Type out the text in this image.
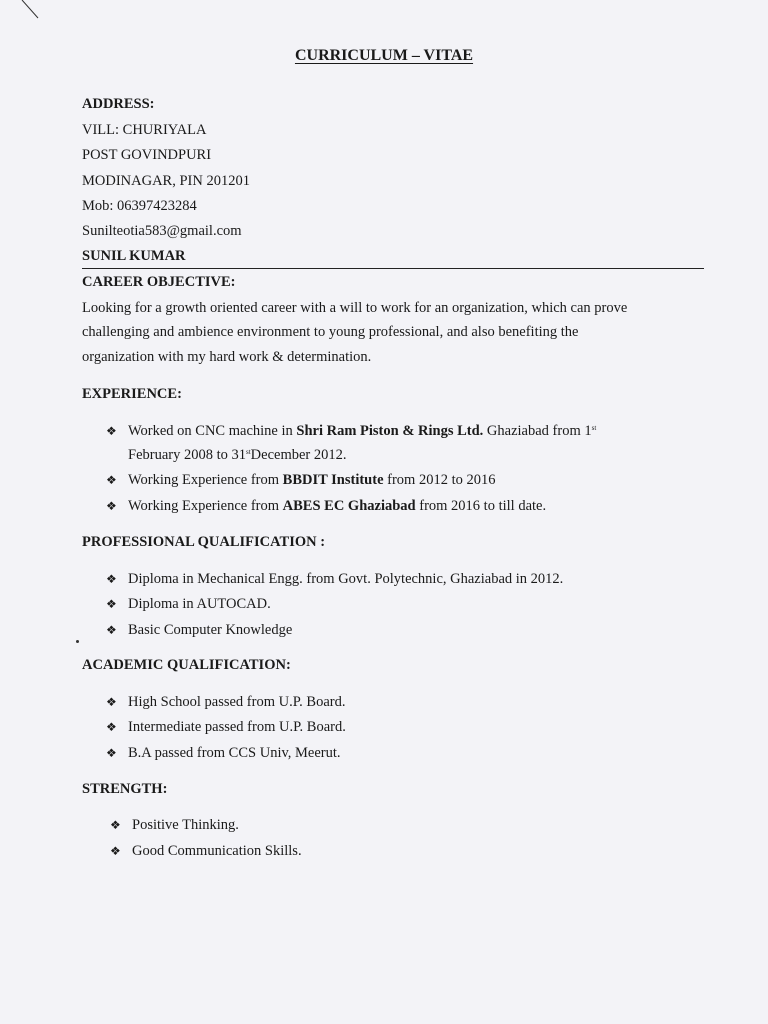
CURRICULUM – VITAE
ADDRESS:
VILL: CHURIYALA
POST GOVINDPURI
MODINAGAR, PIN 201201
Mob: 06397423284
Sunilteotia583@gmail.com
SUNIL KUMAR
CAREER OBJECTIVE:
Looking for a growth oriented career with a will to work for an organization, which can prove
challenging and ambience environment to young professional, and also benefiting the
organization with my hard work & determination.
EXPERIENCE:
❖ Worked on CNC machine in Shri Ram Piston & Rings Ltd. Ghaziabad from 1st
February 2008 to 31stDecember 2012.
❖ Working Experience from BBDIT Institute from 2012 to 2016
❖ Working Experience from ABES EC Ghaziabad from 2016 to till date.
PROFESSIONAL QUALIFICATION :
❖ Diploma in Mechanical Engg. from Govt. Polytechnic, Ghaziabad in 2012.
❖ Diploma in AUTOCAD.
❖ Basic Computer Knowledge
ACADEMIC QUALIFICATION:
❖ High School passed from U.P. Board.
❖ Intermediate passed from U.P. Board.
❖ B.A passed from CCS Univ, Meerut.
STRENGTH:
❖ Positive Thinking.
❖ Good Communication Skills.
